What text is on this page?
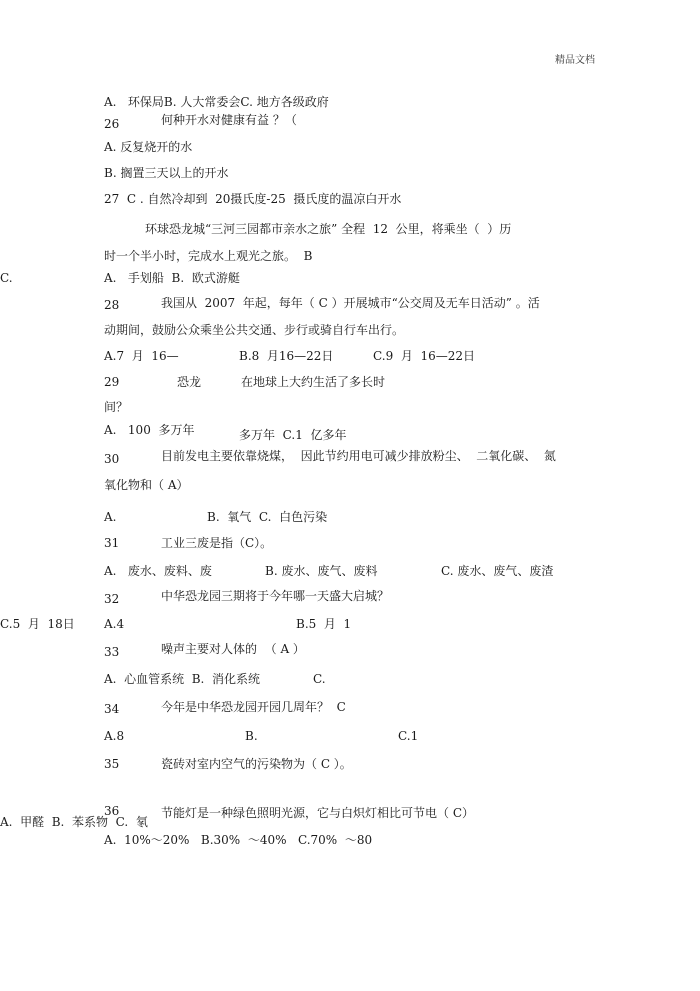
精品文档
A.   环保局B. 人大常委会C. 地方各级政府
26	何种开水对健康有益 ？（
A. 反复烧开的水
B. 搁置三天以上的开水
27  C . 自然冷却到  20摄氏度-25  摄氏度的温凉白开水
环球恐龙城“三河三园都市亲水之旅” 全程  12  公里，将乘坐（  ）历
时一个半小时，完成水上观光之旅。  B
C.	A.   手划船  B.  欧式游艇
28	我国从  2007  年起，每年（ C ）开展城市“公交周及无车日活动” 。活
动期间，鼓励公众乘坐公共交通、步行或骑自行车出行。
A.7  月  16—	B.8  月16—22日	C.9  月  16—22日
29	恐龙	在地球上大约生活了多长时
间？
A.   100  多万年	多万年  C.1  亿多年
30	目前发电主要依靠烧煤，  因此节约用电可减少排放粉尘、  二氧化碳、  氮
氧化物和（ A）
A.	B.  氧气  C.  白色污染
31	工业三废是指（C）。
A.   废水、废料、废	B. 废水、废气、废料	C. 废水、废气、废渣
32	中华恐龙园三期将于今年哪一天盛大启城？
C.5  月  18日 A.4	B.5  月  1
33	噪声主要对人体的  （ A ）
A.  心血管系统  B.  消化系统	C.
34	今年是中华恐龙园开园几周年？  C
A.8	B.	C.1
35	瓷砖对室内空气的污染物为（ C ）。
36	节能灯是一种绿色照明光源，它与白炽灯相比可节电（ C）
A.  甲醛  B.  苯系物  C.  氡
A.  10%～20%   B.30%  ～40%   C.70%  ～80
